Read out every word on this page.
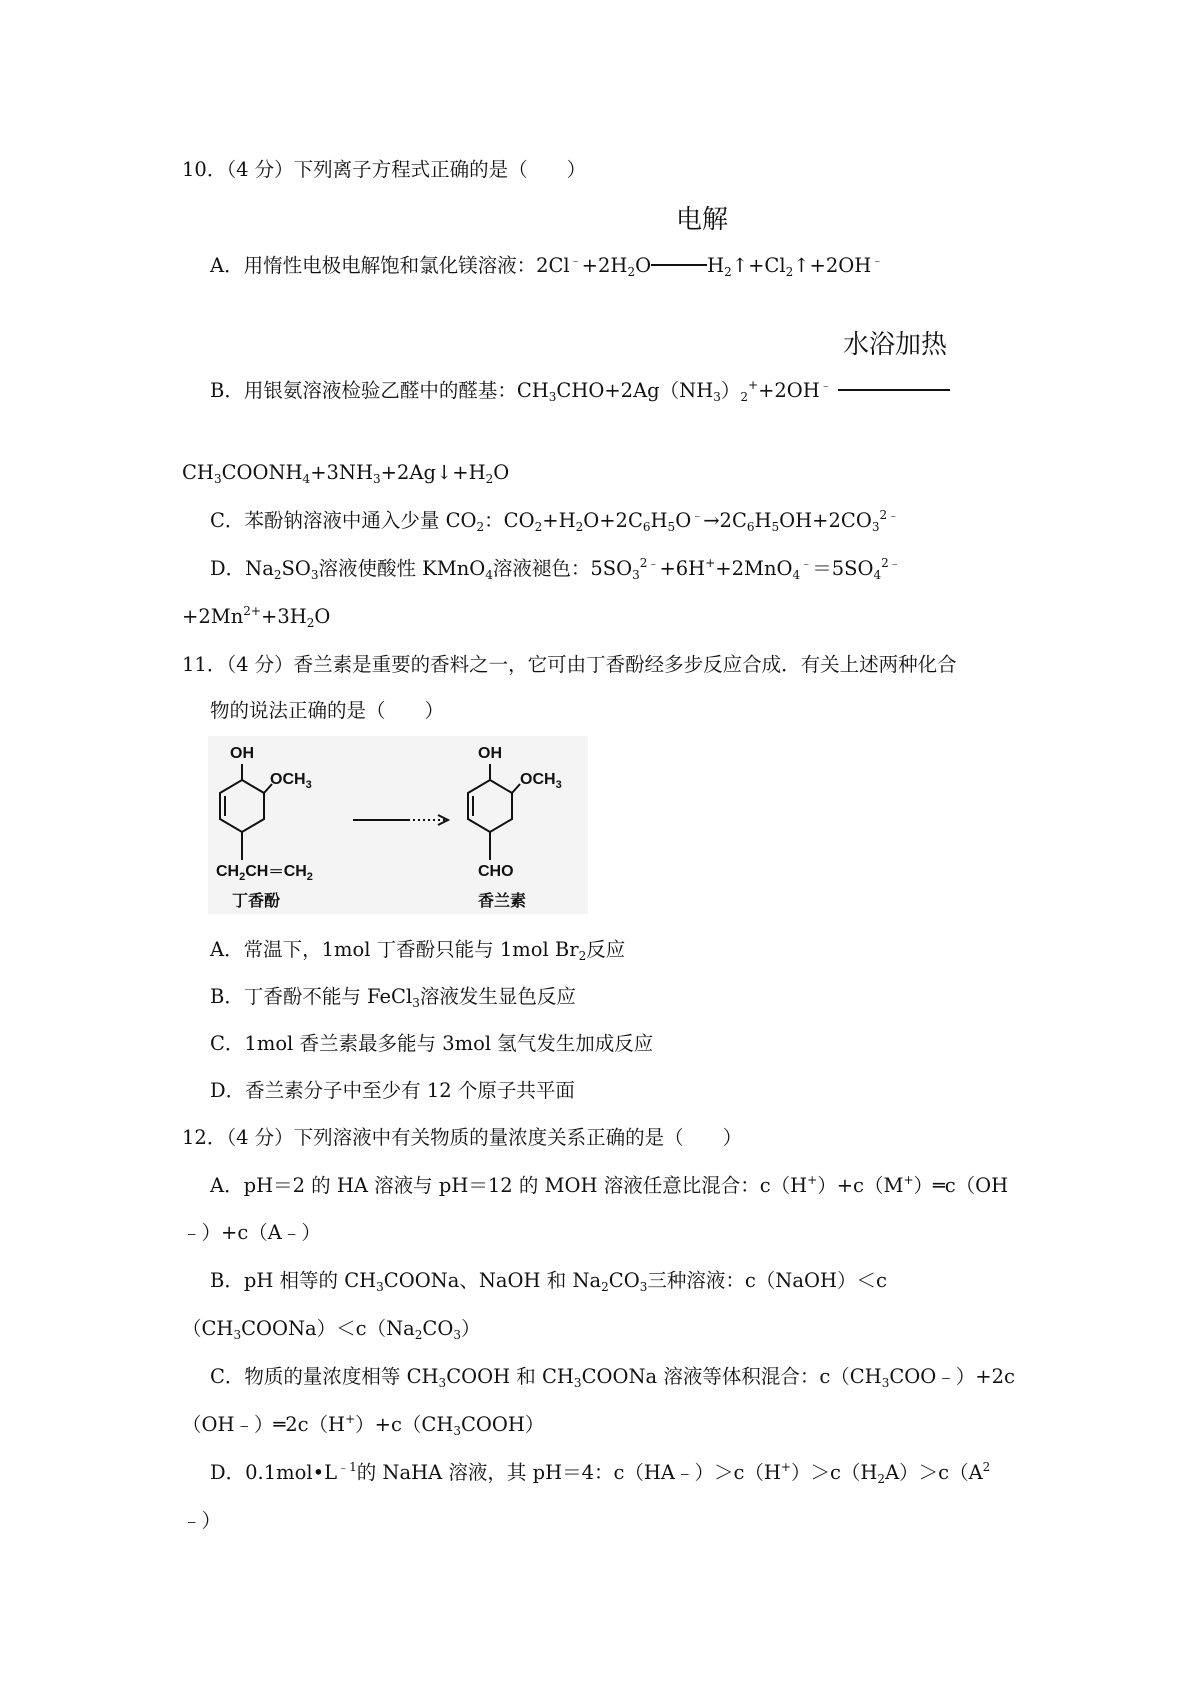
10．（4 分）下列离子方程式正确的是（　　）
电解
A．用惰性电极电解饱和氯化镁溶液：$2Cl^﹣+2H_2O$	$H_2↑+Cl_2↑+2OH^﹣$
水浴加热
B．用银氨溶液检验乙醛中的醛基：$CH_3CHO+2Ag(NH_3)_2^++2OH^﹣$
$CH_3COONH_4+3NH_3+2Ag↓+H_2O$
C．苯酚钠溶液中通入少量 $CO_2$：$CO_2+H_2O+2C_6H_5O^﹣\to 2C_6H_5OH+2CO_3^{2﹣}$
D．$Na_2SO_3$溶液使酸性 KMnO$_4$溶液褪色：$5SO_3^{2﹣}+6H^++2MnO_4^﹣=5SO_4^{2﹣}$
$+2Mn^{2+}+3H_2O$
11．（4 分）香兰素是重要的香料之一，它可由丁香酚经多步反应合成．有关上述两种化合
物的说法正确的是（　　）
OH
$OCH_3$
$CH_2CH$ ═ $CH_2$
丁香酚
OH
$OCH_3$
CHO
香兰素
A．常温下，1mol 丁香酚只能与 1mol $Br_2$反应
B．丁香酚不能与 FeCl$_3$溶液发生显色反应
C．1mol 香兰素最多能与 3mol 氢气发生加成反应
D．香兰素分子中至少有 12 个原子共平面
12．（4 分）下列溶液中有关物质的量浓度关系正确的是（　　）
A．pH＝2 的 HA 溶液与 pH＝12 的 MOH 溶液任意比混合：c（H+）+c（M+）═c（OH
﹣）+c（A﹣）
B．pH 相等的 $CH_3COONa$、NaOH 和 $Na_2CO_3$三种溶液：c（NaOH）＜c
$(CH_3COONa)<c(Na_2CO_3)$
C．物质的量浓度相等 $CH_3COOH$ 和 $CH_3COONa$ 溶液等体积混合：$c(CH_3COO﹣)+2c$
$(OH﹣)═2c(H^+)+c(CH_3COOH)$
D．$0.1mol•L^{﹣1}$的 NaHA 溶液，其 pH＝4：$c(HA﹣)>c(H^+)>c(H_2A)>c(A^2$
﹣）
